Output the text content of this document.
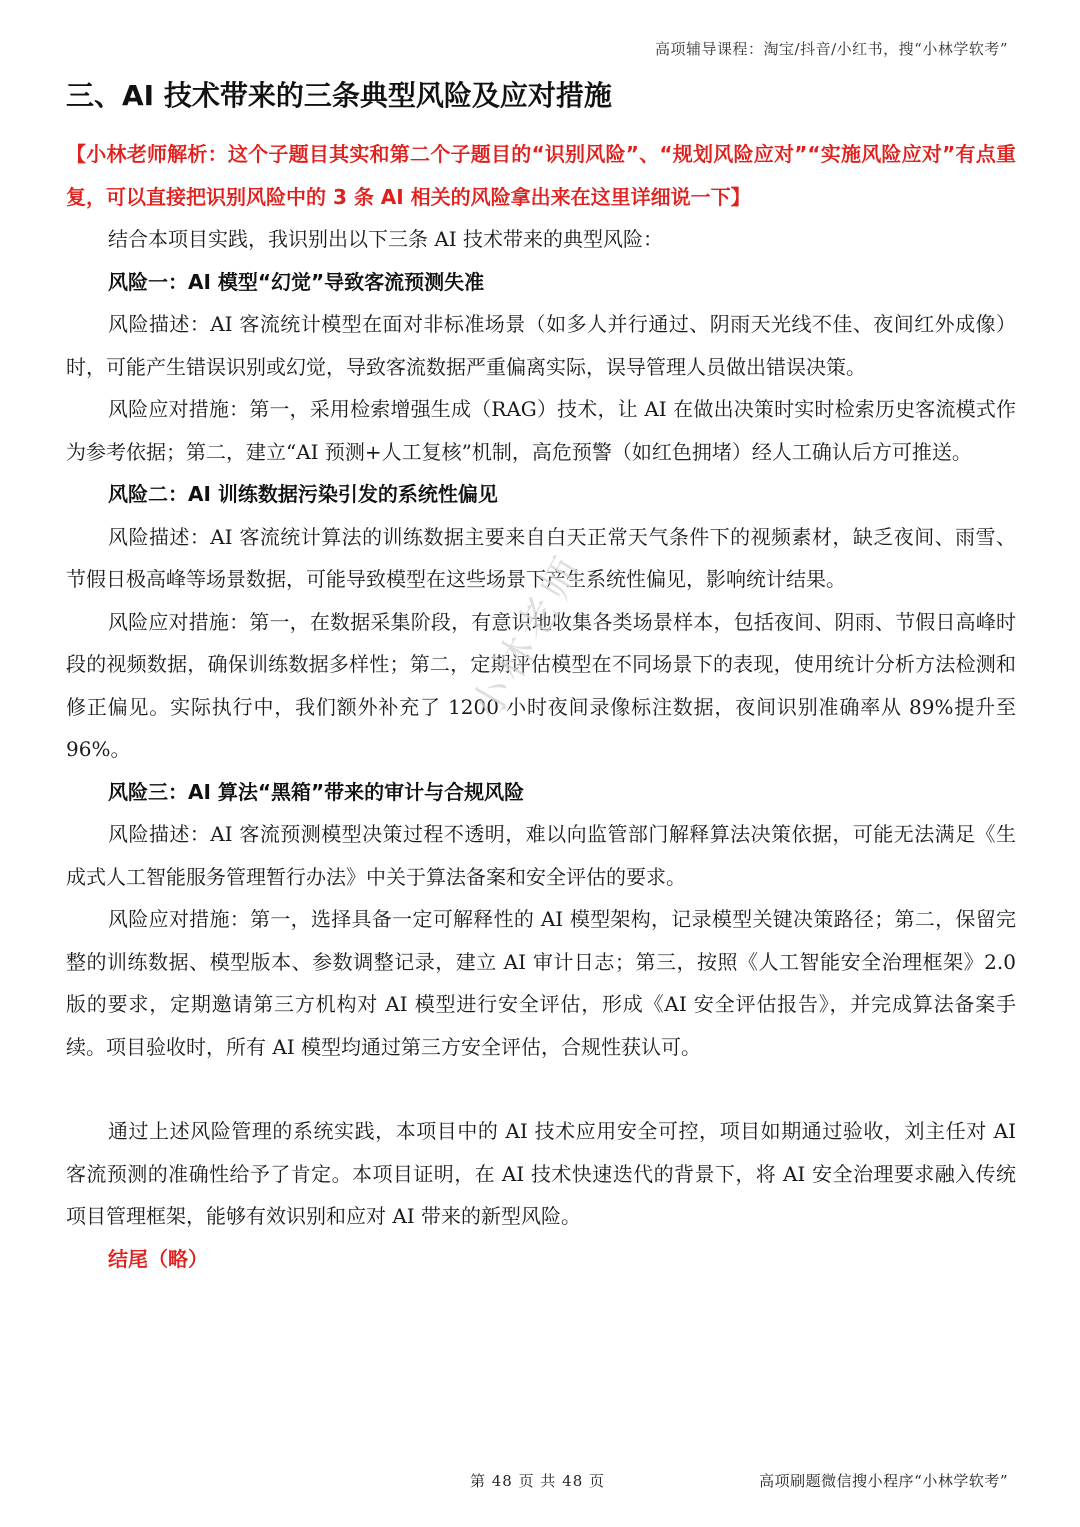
高项辅导课程：淘宝/抖音/小红书，搜“小林学软考”
三、AI 技术带来的三条典型风险及应对措施

【小林老师解析：这个子题目其实和第二个子题目的“识别风险”、“规划风险应对”“实施风险应对”有点重复，可以直接把识别风险中的 3 条 AI 相关的风险拿出来在这里详细说一下】

结合本项目实践，我识别出以下三条 AI 技术带来的典型风险：

风险一：AI 模型“幻觉”导致客流预测失准

风险描述：AI 客流统计模型在面对非标准场景（如多人并行通过、阴雨天光线不佳、夜间红外成像）时，可能产生错误识别或幻觉，导致客流数据严重偏离实际，误导管理人员做出错误决策。

风险应对措施：第一，采用检索增强生成（RAG）技术，让 AI 在做出决策时实时检索历史客流模式作为参考依据；第二，建立“AI 预测+人工复核”机制，高危预警（如红色拥堵）经人工确认后方可推送。

风险二：AI 训练数据污染引发的系统性偏见

风险描述：AI 客流统计算法的训练数据主要来自白天正常天气条件下的视频素材，缺乏夜间、雨雪、节假日极高峰等场景数据，可能导致模型在这些场景下产生系统性偏见，影响统计结果。

风险应对措施：第一，在数据采集阶段，有意识地收集各类场景样本，包括夜间、阴雨、节假日高峰时段的视频数据，确保训练数据多样性；第二，定期评估模型在不同场景下的表现，使用统计分析方法检测和修正偏见。实际执行中，我们额外补充了 1200 小时夜间录像标注数据，夜间识别准确率从 89%提升至 96%。

风险三：AI 算法“黑箱”带来的审计与合规风险

风险描述：AI 客流预测模型决策过程不透明，难以向监管部门解释算法决策依据，可能无法满足《生成式人工智能服务管理暂行办法》中关于算法备案和安全评估的要求。

风险应对措施：第一，选择具备一定可解释性的 AI 模型架构，记录模型关键决策路径；第二，保留完整的训练数据、模型版本、参数调整记录，建立 AI 审计日志；第三，按照《人工智能安全治理框架》2.0 版的要求，定期邀请第三方机构对 AI 模型进行安全评估，形成《AI 安全评估报告》，并完成算法备案手续。项目验收时，所有 AI 模型均通过第三方安全评估，合规性获认可。

通过上述风险管理的系统实践，本项目中的 AI 技术应用安全可控，项目如期通过验收，刘主任对 AI 客流预测的准确性给予了肯定。本项目证明，在 AI 技术快速迭代的背景下，将 AI 安全治理要求融入传统项目管理框架，能够有效识别和应对 AI 带来的新型风险。

结尾（略）

小林老师
第 48 页 共 48 页	高项刷题微信搜小程序“小林学软考”
